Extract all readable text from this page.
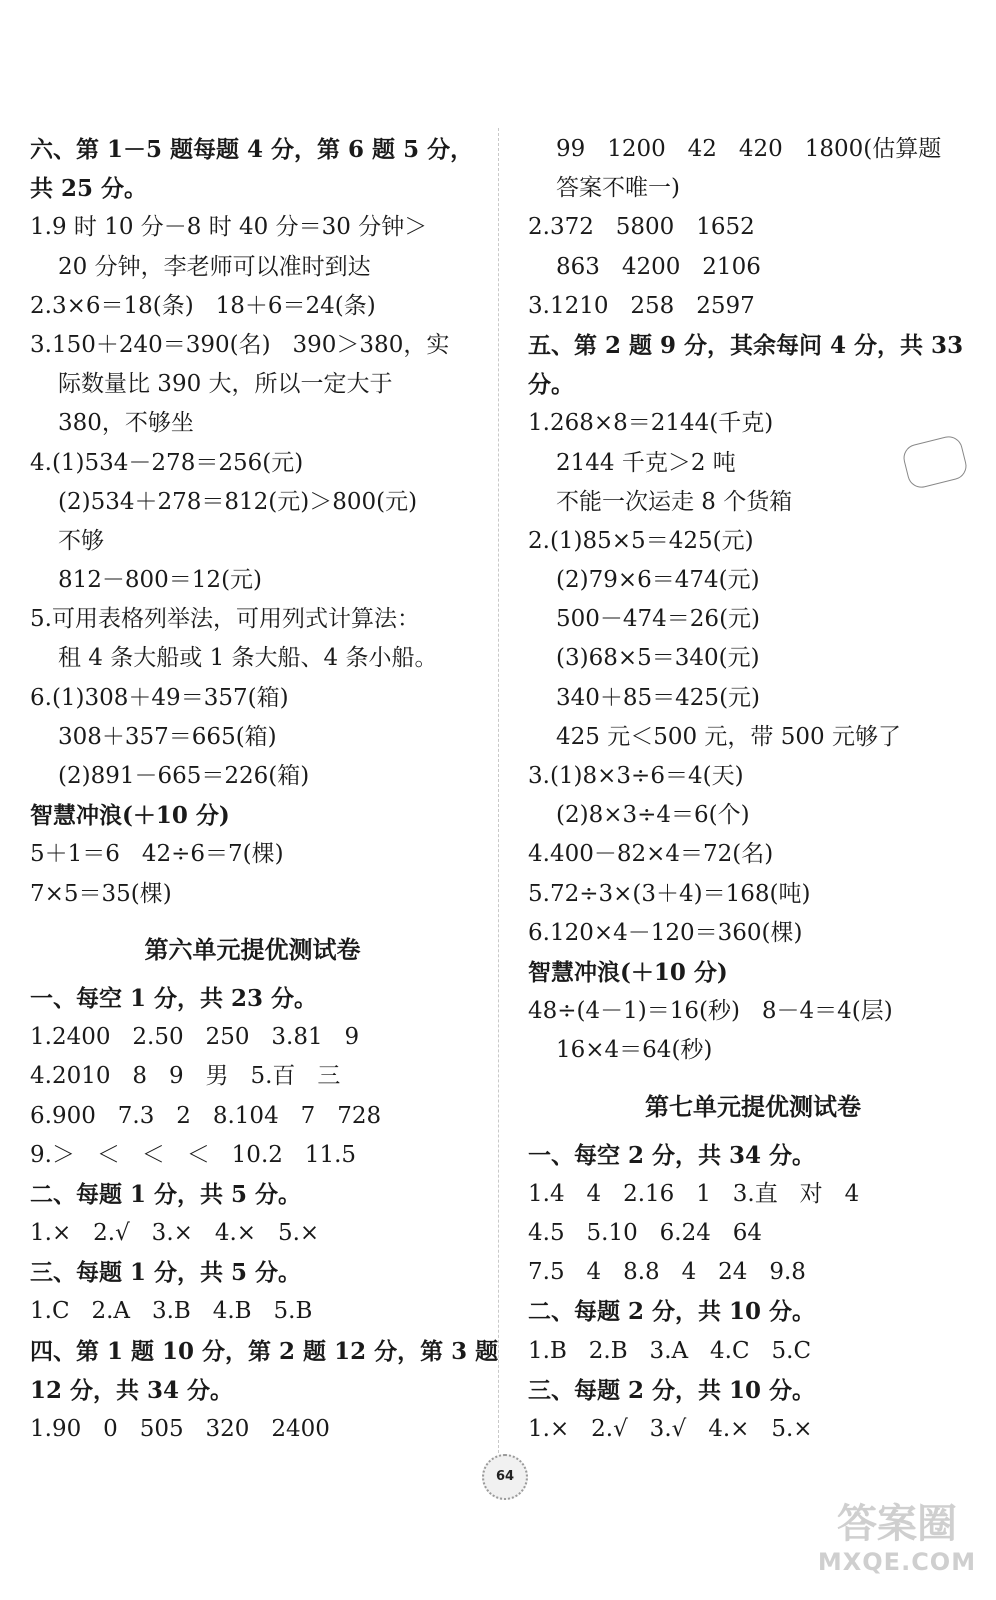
六、第 1－5 题每题 4 分，第 6 题 5 分，
共 25 分。
1.9 时 10 分－8 时 40 分＝30 分钟＞
20 分钟，李老师可以准时到达
2.3×6＝18(条)   18＋6＝24(条)
3.150＋240＝390(名)   390＞380，实
际数量比 390 大，所以一定大于
380，不够坐
4.(1)534－278＝256(元)
(2)534＋278＝812(元)＞800(元)
不够
812－800＝12(元)
5.可用表格列举法，可用列式计算法：
租 4 条大船或 1 条大船、4 条小船。
6.(1)308＋49＝357(箱)
308＋357＝665(箱)
(2)891－665＝226(箱)
智慧冲浪(＋10 分)
5＋1＝6   42÷6＝7(棵)
7×5＝35(棵)
第六单元提优测试卷
一、每空 1 分，共 23 分。
1.2400   2.50   250   3.81   9
4.2010   8   9   男   5.百   三
6.900   7.3   2   8.104   7   728
9.＞   ＜   ＜   ＜   10.2   11.5
二、每题 1 分，共 5 分。
1.×   2.√   3.×   4.×   5.×
三、每题 1 分，共 5 分。
1.C   2.A   3.B   4.B   5.B
四、第 1 题 10 分，第 2 题 12 分，第 3 题
12 分，共 34 分。
1.90   0   505   320   2400
99   1200   42   420   1800(估算题
答案不唯一)
2.372   5800   1652
863   4200   2106
3.1210   258   2597
五、第 2 题 9 分，其余每问 4 分，共 33
分。
1.268×8＝2144(千克)
2144 千克＞2 吨
不能一次运走 8 个货箱
2.(1)85×5＝425(元)
(2)79×6＝474(元)
500－474＝26(元)
(3)68×5＝340(元)
340＋85＝425(元)
425 元＜500 元，带 500 元够了
3.(1)8×3÷6＝4(天)
(2)8×3÷4＝6(个)
4.400－82×4＝72(名)
5.72÷3×(3＋4)＝168(吨)
6.120×4－120＝360(棵)
智慧冲浪(＋10 分)
48÷(4－1)＝16(秒)   8－4＝4(层)
16×4＝64(秒)
第七单元提优测试卷
一、每空 2 分，共 34 分。
1.4   4   2.16   1   3.直   对   4
4.5   5.10   6.24   64
7.5   4   8.8   4   24   9.8
二、每题 2 分，共 10 分。
1.B   2.B   3.A   4.C   5.C
三、每题 2 分，共 10 分。
1.×   2.√   3.√   4.×   5.×
64
答案圈
MXQE.COM
